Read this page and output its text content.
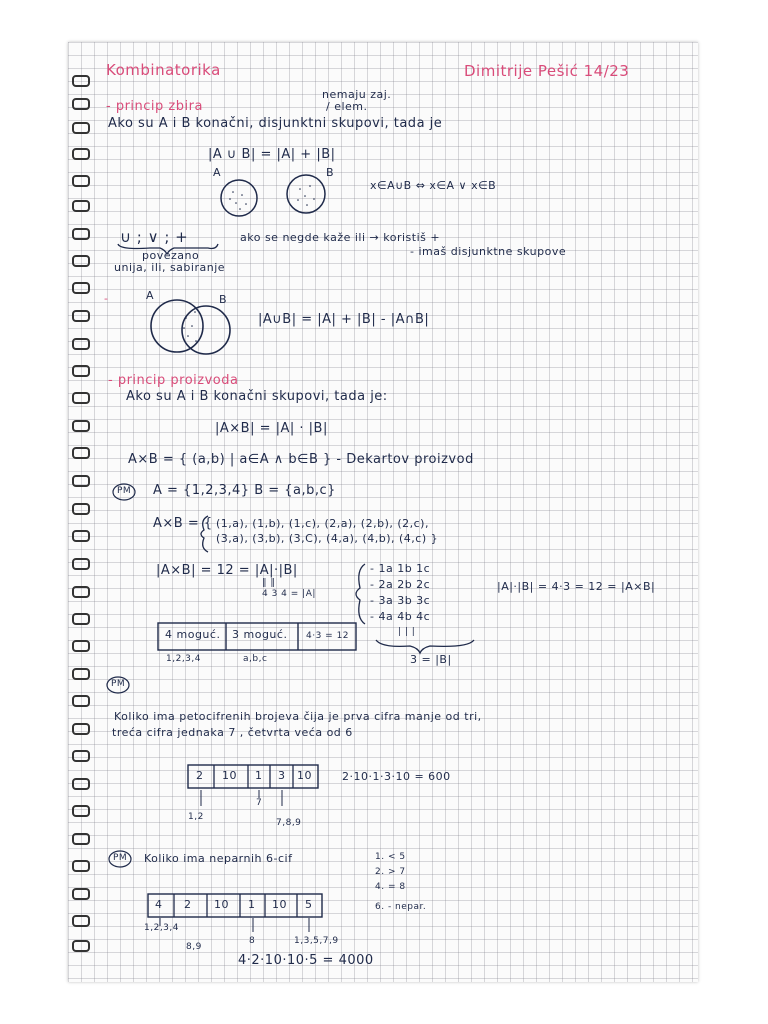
Kombinatorika	Dimitrije Pešić 14/23
nemaju zaj.
/ elem.
- princip zbira
Ako su A i B konačni, disjunktni skupovi, tada je
|A ∪ B| = |A| + |B|
A	B
x∈A∪B ⇔ x∈A ∨ x∈B
∪ ; ∨ ; +
povezano
unija, ili, sabiranje
ako se negde kaže ili → koristiš +
- imaš disjunktne skupove
-	A	B
|A∪B| = |A| + |B| - |A∩B|
- princip proizvoda
Ako su A i B konačni skupovi, tada je:
|A×B| = |A| · |B|
A×B = { (a,b) | a∈A ∧ b∈B } - Dekartov proizvod
PM A = {1,2,3,4} B = {a,b,c}
A×B = { (1,a), (1,b), (1,c), (2,a), (2,b), (2,c),
(3,a), (3,b), (3,C), (4,a), (4,b), (4,c) }
|A×B| = 12 = |A|·|B|
‖ ‖
4 3 4 = |A|
- 1a 1b 1c
- 2a 2b 2c
- 3a 3b 3c
- 4a 4b 4c
| | |
3 = |B|
|A|·|B| = 4·3 = 12 = |A×B|
4 moguć. 3 moguć. 4·3 = 12
1,2,3,4	a,b,c
PM
Koliko ima petocifrenih brojeva čija je prva cifra manje od tri,
treća cifra jednaka 7 , četvrta veća od 6
2 10 1 3 10	2·10·1·3·10 = 600
1,2
7
7,8,9
PM Koliko ima neparnih 6-cif	1. < 5
2. > 7
4. = 8
6. - nepar.
4 2 10 1 10 5
1,2,3,4
8,9
8	1,3,5,7,9
4·2·10·10·5 = 4000
